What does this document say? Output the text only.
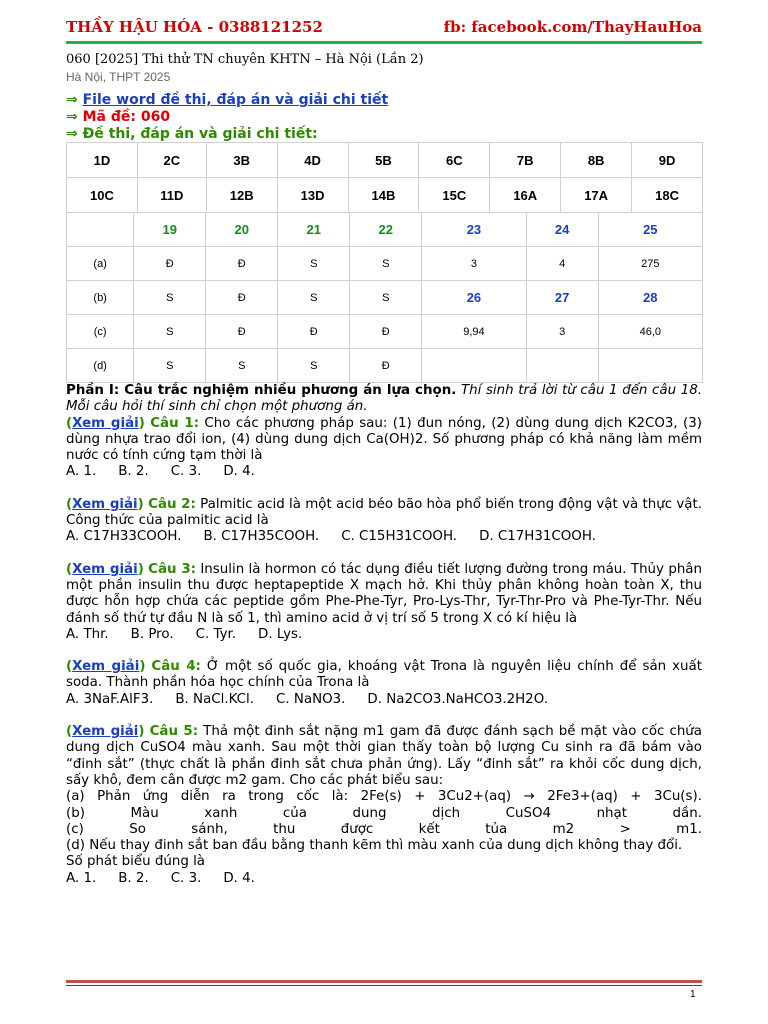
THẦY HẬU HÓA - 0388121252	fb: facebook.com/ThayHauHoa
060 [2025] Thi thử TN chuyên KHTN – Hà Nội (Lần 2)
Hà Nội, THPT 2025
⇒ File word đề thi, đáp án và giải chi tiết
⇒ Mã đề: 060
⇒ Đề thi, đáp án và giải chi tiết:
1D	2C	3B	4D	5B	6C	7B	8B	9D
10C	11D	12B	13D	14B	15C	16A	17A	18C
	19	20	21	22	23	24	25
(a)	Đ	Đ	S	S	3	4	275
(b)	S	Đ	S	S	26	27	28
(c)	S	Đ	Đ	Đ	9,94	3	46,0
(d)	S	S	S	Đ			

Phần I: Câu trắc nghiệm nhiều phương án lựa chọn. Thí sinh trả lời từ câu 1 đến câu 18. Mỗi câu hỏi thí sinh chỉ chọn một phương án.

(Xem giải) Câu 1: Cho các phương pháp sau: (1) đun nóng, (2) dùng dung dịch K2CO3, (3) dùng nhựa trao đổi ion, (4) dùng dung dịch Ca(OH)2. Số phương pháp có khả năng làm mềm nước có tính cứng tạm thời là

A. 1. B. 2. C. 3. D. 4.

(Xem giải) Câu 2: Palmitic acid là một acid béo bão hòa phổ biến trong động vật và thực vật. Công thức của palmitic acid là

A. C17H33COOH. B. C17H35COOH. C. C15H31COOH. D. C17H31COOH.

(Xem giải) Câu 3: Insulin là hormon có tác dụng điều tiết lượng đường trong máu. Thủy phân một phần insulin thu được heptapeptide X mạch hở. Khi thủy phân không hoàn toàn X, thu được hỗn hợp chứa các peptide gồm Phe-Phe-Tyr, Pro-Lys-Thr, Tyr-Thr-Pro và Phe-Tyr-Thr. Nếu đánh số thứ tự đầu N là số 1, thì amino acid ở vị trí số 5 trong X có kí hiệu là

A. Thr. B. Pro. C. Tyr. D. Lys.

(Xem giải) Câu 4: Ở một số quốc gia, khoáng vật Trona là nguyên liệu chính để sản xuất soda. Thành phần hóa học chính của Trona là

A. 3NaF.AlF3. B. NaCl.KCl. C. NaNO3. D. Na2CO3.NaHCO3.2H2O.

(Xem giải) Câu 5: Thả một đinh sắt nặng m1 gam đã được đánh sạch bề mặt vào cốc chứa dung dịch CuSO4 màu xanh. Sau một thời gian thấy toàn bộ lượng Cu sinh ra đã bám vào “đinh sắt” (thực chất là phần đinh sắt chưa phản ứng). Lấy “đinh sắt” ra khỏi cốc dung dịch, sấy khô, đem cân được m2 gam. Cho các phát biểu sau:

(a) Phản ứng diễn ra trong cốc là: 2Fe(s) + 3Cu2+(aq) → 2Fe3+(aq) + 3Cu(s).

(b) Màu xanh của dung dịch CuSO4 nhạt dần.

(c) So sánh, thu được kết tủa m2 > m1.

(d) Nếu thay đinh sắt ban đầu bằng thanh kẽm thì màu xanh của dung dịch không thay đổi.

Số phát biểu đúng là

A. 1. B. 2. C. 3. D. 4.
1
